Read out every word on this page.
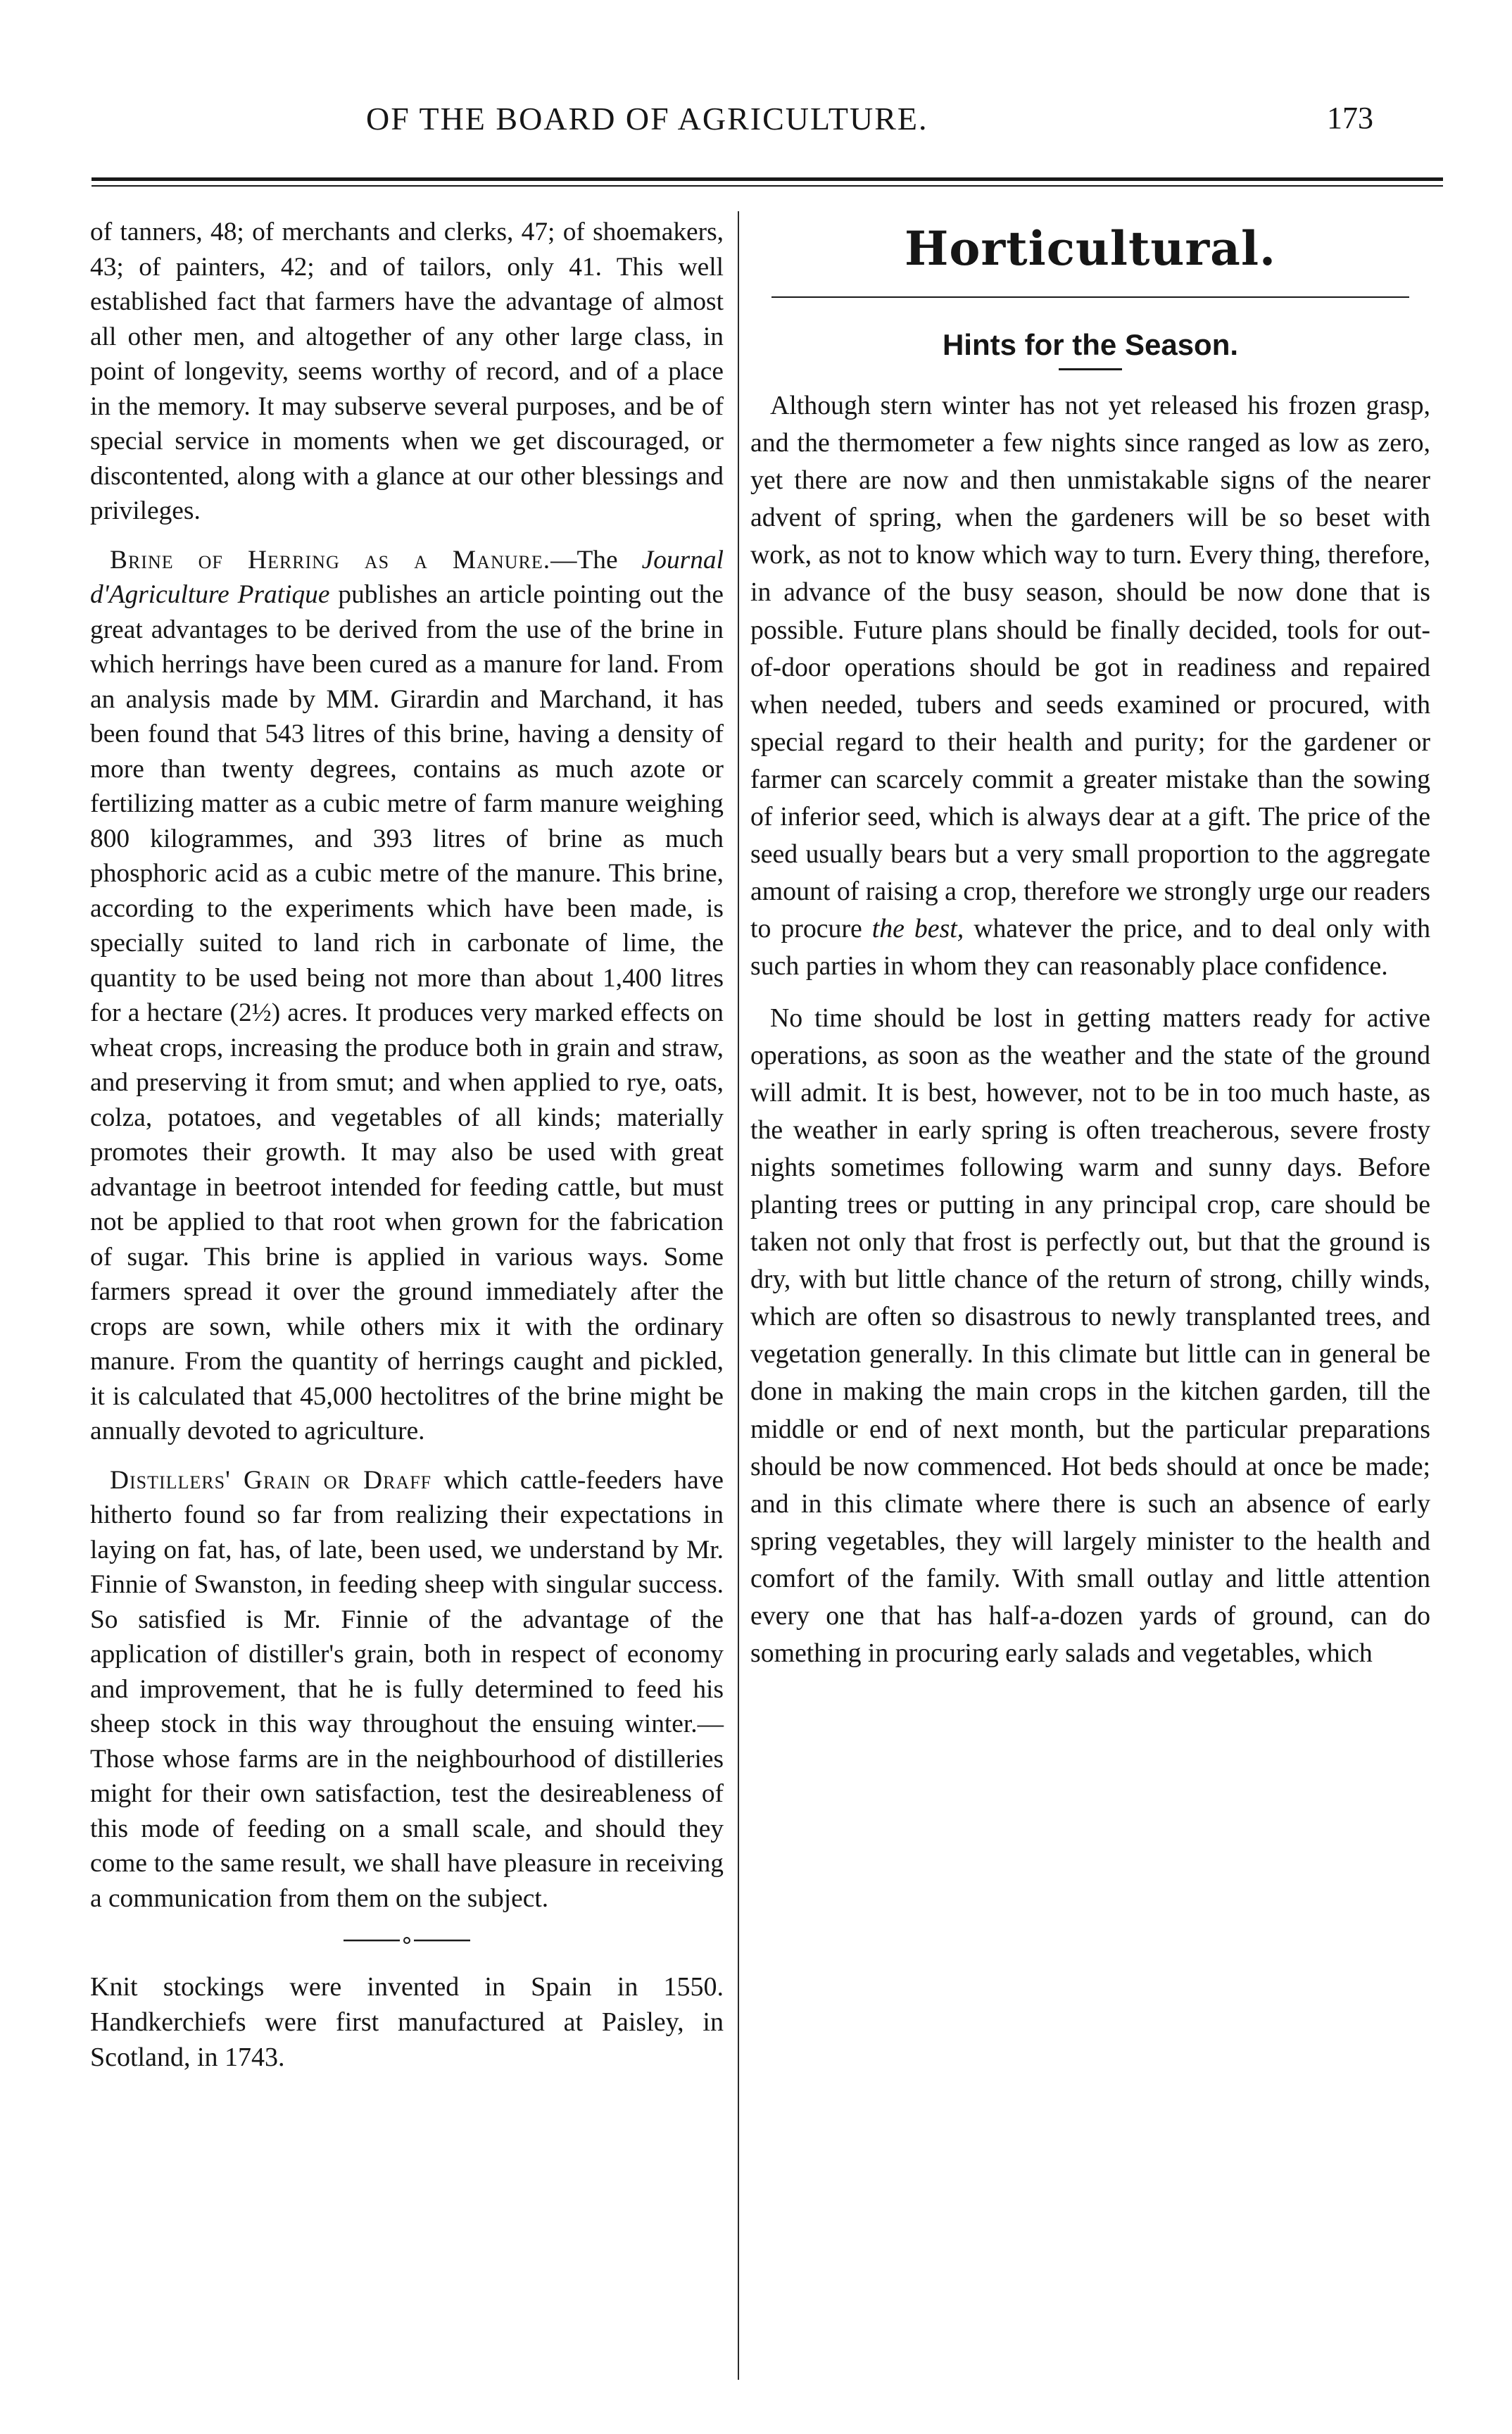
OF THE BOARD OF AGRICULTURE.	173

of tanners, 48; of merchants and clerks, 47; of shoemakers, 43; of painters, 42; and of tailors, only 41. This well established fact that farmers have the advantage of almost all other men, and altogether of any other large class, in point of longevity, seems worthy of record, and of a place in the memory. It may subserve several purposes, and be of special service in moments when we get discouraged, or discontented, along with a glance at our other blessings and privileges.

Brine of Herring as a Manure.—The Journal d'Agriculture Pratique publishes an article pointing out the great advantages to be derived from the use of the brine in which herrings have been cured as a manure for land. From an analysis made by MM. Girardin and Marchand, it has been found that 543 litres of this brine, having a density of more than twenty degrees, contains as much azote or fertilizing matter as a cubic metre of farm manure weighing 800 kilogrammes, and 393 litres of brine as much phosphoric acid as a cubic metre of the manure. This brine, according to the experiments which have been made, is specially suited to land rich in carbonate of lime, the quantity to be used being not more than about 1,400 litres for a hectare (2½) acres. It produces very marked effects on wheat crops, increasing the produce both in grain and straw, and preserving it from smut; and when applied to rye, oats, colza, potatoes, and vegetables of all kinds; materially promotes their growth. It may also be used with great advantage in beetroot intended for feeding cattle, but must not be applied to that root when grown for the fabrication of sugar. This brine is applied in various ways. Some farmers spread it over the ground immediately after the crops are sown, while others mix it with the ordinary manure. From the quantity of herrings caught and pickled, it is calculated that 45,000 hectolitres of the brine might be annually devoted to agriculture.

Distillers' Grain or Draff which cattle-feeders have hitherto found so far from realizing their expectations in laying on fat, has, of late, been used, we understand by Mr. Finnie of Swanston, in feeding sheep with singular success. So satisfied is Mr. Finnie of the advantage of the application of distiller's grain, both in respect of economy and improvement, that he is fully determined to feed his sheep stock in this way throughout the ensuing winter.—Those whose farms are in the neighbourhood of distilleries might for their own satisfaction, test the desireableness of this mode of feeding on a small scale, and should they come to the same result, we shall have pleasure in receiving a communication from them on the subject.

Knit stockings were invented in Spain in 1550. Handkerchiefs were first manufactured at Paisley, in Scotland, in 1743.

Horticultural.
Hints for the Season.

Although stern winter has not yet released his frozen grasp, and the thermometer a few nights since ranged as low as zero, yet there are now and then unmistakable signs of the nearer advent of spring, when the gardeners will be so beset with work, as not to know which way to turn. Every thing, therefore, in advance of the busy season, should be now done that is possible. Future plans should be finally decided, tools for out-of-door operations should be got in readiness and repaired when needed, tubers and seeds examined or procured, with special regard to their health and purity; for the gardener or farmer can scarcely commit a greater mistake than the sowing of inferior seed, which is always dear at a gift. The price of the seed usually bears but a very small proportion to the aggregate amount of raising a crop, therefore we strongly urge our readers to procure the best, whatever the price, and to deal only with such parties in whom they can reasonably place confidence.

No time should be lost in getting matters ready for active operations, as soon as the weather and the state of the ground will admit. It is best, however, not to be in too much haste, as the weather in early spring is often treacherous, severe frosty nights sometimes following warm and sunny days. Before planting trees or putting in any principal crop, care should be taken not only that frost is perfectly out, but that the ground is dry, with but little chance of the return of strong, chilly winds, which are often so disastrous to newly transplanted trees, and vegetation generally. In this climate but little can in general be done in making the main crops in the kitchen garden, till the middle or end of next month, but the particular preparations should be now commenced. Hot beds should at once be made; and in this climate where there is such an absence of early spring vegetables, they will largely minister to the health and comfort of the family. With small outlay and little attention every one that has half-a-dozen yards of ground, can do something in procuring early salads and vegetables, which
